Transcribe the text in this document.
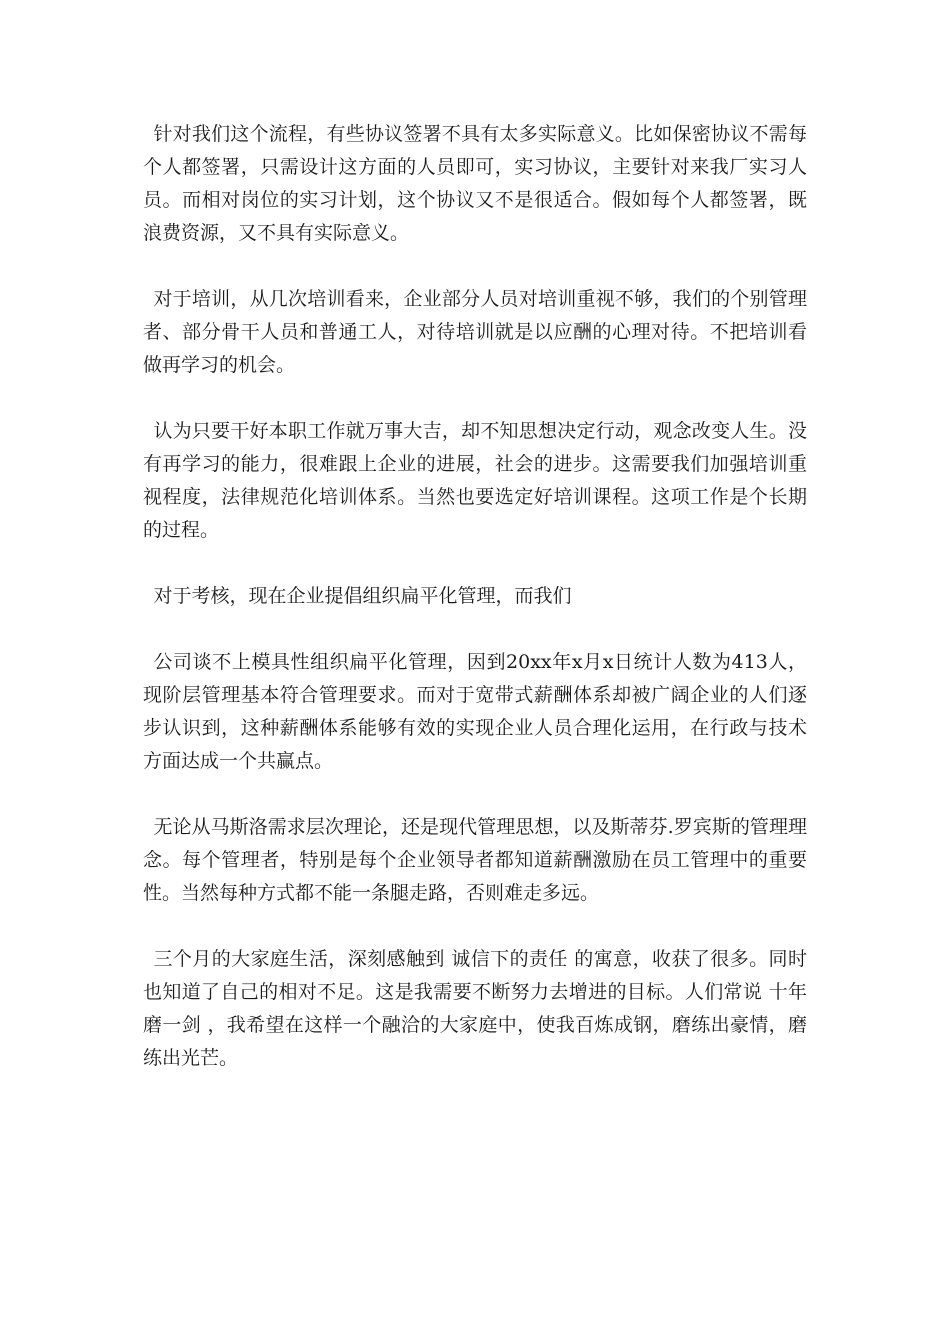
针对我们这个流程，有些协议签署不具有太多实际意义。比如保密协议不需每个人都签署，只需设计这方面的人员即可，实习协议，主要针对来我厂实习人员。而相对岗位的实习计划，这个协议又不是很适合。假如每个人都签署，既浪费资源，又不具有实际意义。

对于培训，从几次培训看来，企业部分人员对培训重视不够，我们的个别管理者、部分骨干人员和普通工人，对待培训就是以应酬的心理对待。不把培训看做再学习的机会。

认为只要干好本职工作就万事大吉，却不知思想决定行动，观念改变人生。没有再学习的能力，很难跟上企业的进展，社会的进步。这需要我们加强培训重视程度，法律规范化培训体系。当然也要选定好培训课程。这项工作是个长期的过程。

对于考核，现在企业提倡组织扁平化管理，而我们

公司谈不上模具性组织扁平化管理，因到20xx年x月x日统计人数为413人，现阶层管理基本符合管理要求。而对于宽带式薪酬体系却被广阔企业的人们逐步认识到，这种薪酬体系能够有效的实现企业人员合理化运用，在行政与技术方面达成一个共赢点。

无论从马斯洛需求层次理论，还是现代管理思想，以及斯蒂芬.罗宾斯的管理理念。每个管理者，特别是每个企业领导者都知道薪酬激励在员工管理中的重要性。当然每种方式都不能一条腿走路，否则难走多远。

三个月的大家庭生活，深刻感触到 诚信下的责任 的寓意，收获了很多。同时也知道了自己的相对不足。这是我需要不断努力去增进的目标。人们常说 十年磨一剑 ，我希望在这样一个融洽的大家庭中，使我百炼成钢，磨练出豪情，磨练出光芒。
